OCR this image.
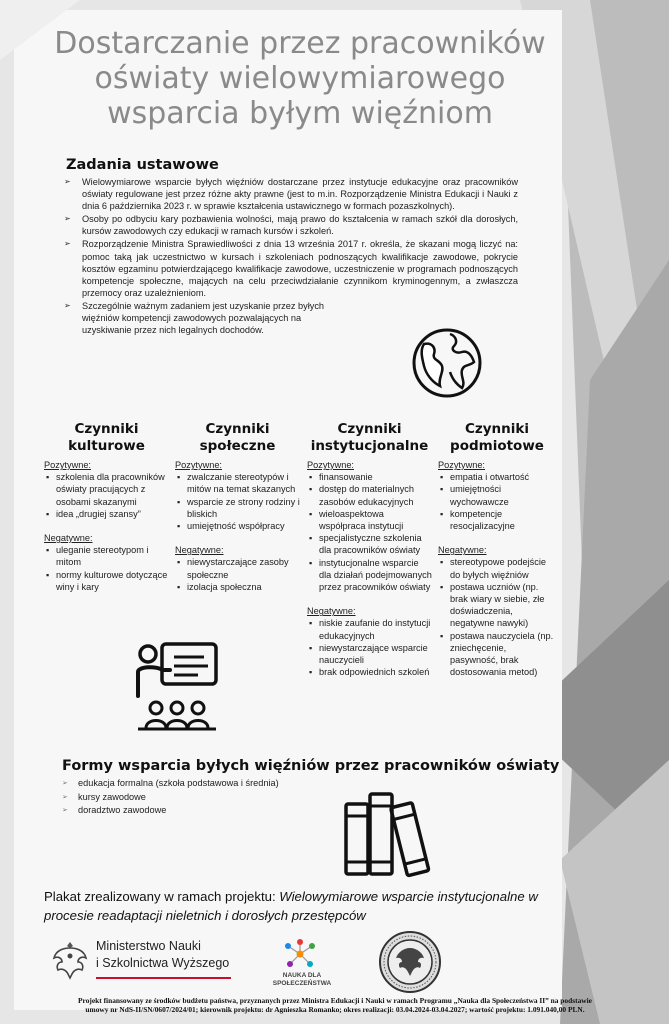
Dostarczanie przez pracowników
oświaty wielowymiarowego
wsparcia byłym więźniom
Zadania ustawowe
➢ Wielowymiarowe wsparcie byłych więźniów dostarczane przez instytucje edukacyjne oraz pracowników oświaty regulowane jest przez różne akty prawne (jest to m.in. Rozporządzenie Ministra Edukacji i Nauki z dnia 6 października 2023 r. w sprawie kształcenia ustawicznego w formach pozaszkolnych).
➢ Osoby po odbyciu kary pozbawienia wolności, mają prawo do kształcenia w ramach szkół dla dorosłych, kursów zawodowych czy edukacji w ramach kursów i szkoleń.
➢ Rozporządzenie Ministra Sprawiedliwości z dnia 13 września 2017 r. określa, że skazani mogą liczyć na: pomoc taką jak uczestnictwo w kursach i szkoleniach podnoszących kwalifikacje zawodowe, pokrycie kosztów egzaminu potwierdzającego kwalifikacje zawodowe, uczestniczenie w programach podnoszących kompetencje społeczne, mających na celu przeciwdziałanie czynnikom kryminogennym, a zwłaszcza przemocy oraz uzależnieniom.
➢ Szczególnie ważnym zadaniem jest uzyskanie przez byłych więźniów kompetencji zawodowych pozwalających na uzyskiwanie przez nich legalnych dochodów.
Czynniki
kulturowe
Pozytywne:
▪ szkolenia dla pracowników oświaty pracujących z osobami skazanymi
▪ idea „drugiej szansy”
Negatywne:
▪ uleganie stereotypom i mitom
▪ normy kulturowe dotyczące winy i kary
Czynniki
społeczne
Pozytywne:
▪ zwalczanie stereotypów i mitów na temat skazanych
▪ wsparcie ze strony rodziny i bliskich
▪ umiejętność współpracy
Negatywne:
▪ niewystarczające zasoby społeczne
▪ izolacja społeczna
Czynniki
instytucjonalne
Pozytywne:
▪ finansowanie
▪ dostęp do materialnych zasobów edukacyjnych
▪ wieloaspektowa współpraca instytucji
▪ specjalistyczne szkolenia dla pracowników oświaty
▪ instytucjonalne wsparcie dla działań podejmowanych przez pracowników oświaty
Negatywne:
▪ niskie zaufanie do instytucji edukacyjnych
▪ niewystarczające wsparcie nauczycieli
▪ brak odpowiednich szkoleń
Czynniki
podmiotowe
Pozytywne:
▪ empatia i otwartość
▪ umiejętności wychowawcze
▪ kompetencje resocjalizacyjne
Negatywne:
▪ stereotypowe podejście do byłych więźniów
▪ postawa uczniów (np. brak wiary w siebie, złe doświadczenia, negatywne nawyki)
▪ postawa nauczyciela (np. zniechęcenie, pasywność, brak dostosowania metod)
Formy wsparcia byłych więźniów przez pracowników oświaty
➢ edukacja formalna (szkoła podstawowa i średnia)
➢ kursy zawodowe
➢ doradztwo zawodowe
Plakat zrealizowany w ramach projektu: Wielowymiarowe wsparcie instytucjonalne w procesie readaptacji nieletnich i dorosłych przestępców
Ministerstwo Nauki
i Szkolnictwa Wyższego
NAUKA DLA
SPOŁECZEŃSTWA
Projekt finansowany ze środków budżetu państwa, przyznanych przez Ministra Edukacji i Nauki w ramach Programu „Nauka dla Społeczeństwa II” na podstawie
umowy nr NdS-II/SN/0607/2024/01; kierownik projektu: dr Agnieszka Romanko; okres realizacji: 03.04.2024-03.04.2027; wartość projektu: 1.091.040,00 PLN.
